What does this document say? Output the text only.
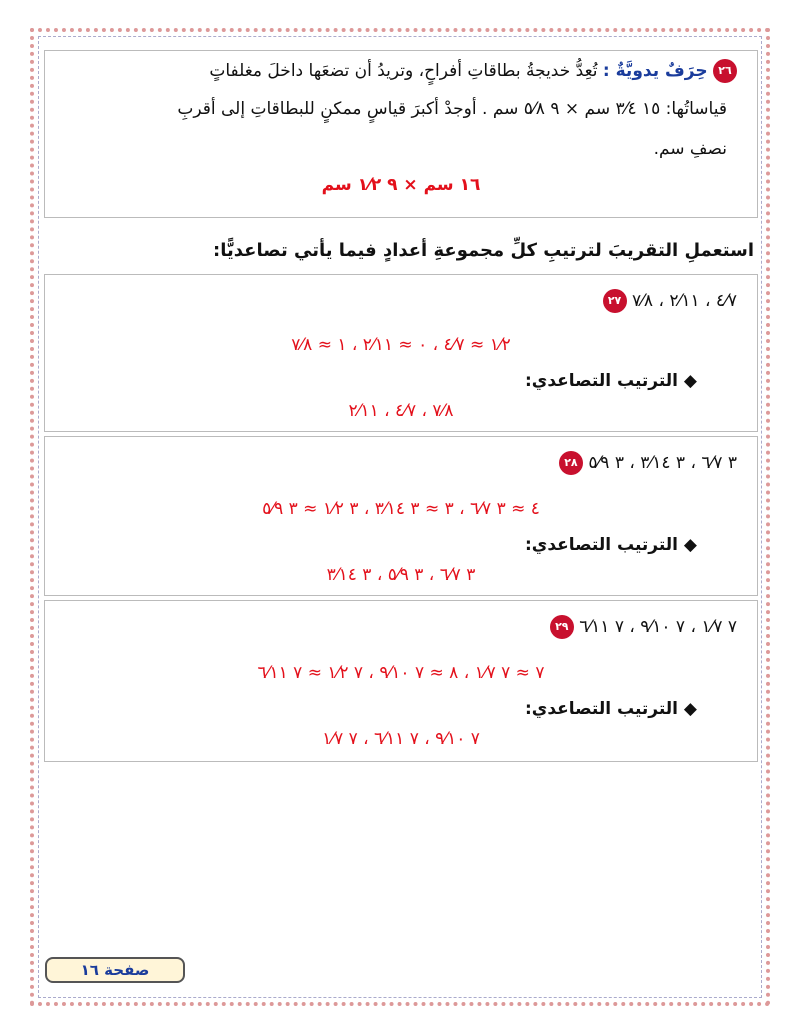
٢٦ حِرَفٌ يدويَّةٌ : تُعِدُّ خديجةُ بطاقاتِ أفراحٍ، وتريدُ أن تضعَها داخلَ مغلفاتٍ
قياساتُها: ١٥ ٣⁄٤ سم × ٩ ٥⁄٨ سم . أوجدْ أكبرَ قياسٍ ممكنٍ للبطاقاتِ إلى أقربِ
نصفِ سم.
١٦ سم × ٩ ١⁄٢ سم
استعملِ التقريبَ لترتيبِ كلِّ مجموعةِ أعدادٍ فيما يأتي تصاعديًّا:
٢٧ ٤⁄٧ ، ٢⁄١١ ، ٧⁄٨
١⁄٢ ≈ ٤⁄٧ ، ٠ ≈ ٢⁄١١ ، ١ ≈ ٧⁄٨
◆ الترتيب التصاعدي:
٧⁄٨ ، ٤⁄٧ ، ٢⁄١١
٢٨ ٣ ٦⁄٧ ، ٣ ٣⁄١٤ ، ٣ ٥⁄٩
٤ ≈ ٣ ٦⁄٧ ، ٣ ≈ ٣ ٣⁄١٤ ، ٣ ١⁄٢ ≈ ٣ ٥⁄٩
◆ الترتيب التصاعدي:
٣ ٦⁄٧ ، ٣ ٥⁄٩ ، ٣ ٣⁄١٤
٢٩ ٧ ١⁄٧ ، ٧ ٩⁄١٠ ، ٧ ٦⁄١١
٧ ≈ ٧ ١⁄٧ ، ٨ ≈ ٧ ٩⁄١٠ ، ٧ ١⁄٢ ≈ ٧ ٦⁄١١
◆ الترتيب التصاعدي:
٧ ٩⁄١٠ ، ٧ ٦⁄١١ ، ٧ ١⁄٧
صفحة ١٦
